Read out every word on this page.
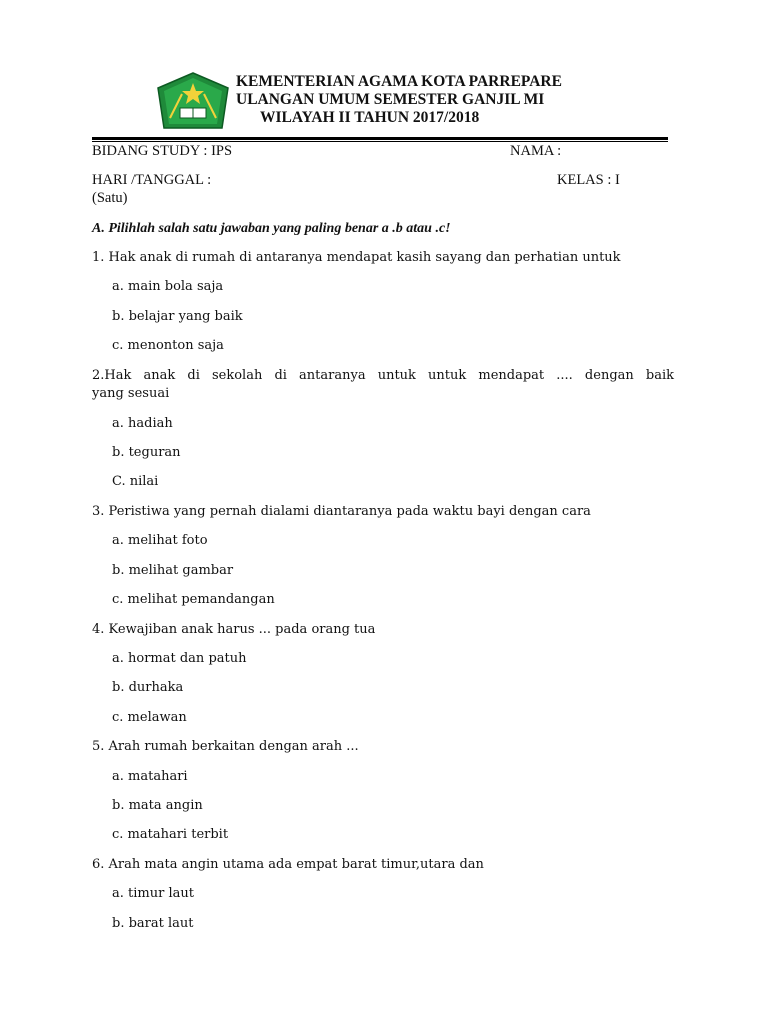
KEMENTERIAN AGAMA KOTA PARREPARE
ULANGAN UMUM SEMESTER GANJIL MI
WILAYAH II TAHUN 2017/2018
BIDANG STUDY : IPS	NAMA :
HARI /TANGGAL :	KELAS : I
(Satu)
A. Pilihlah salah satu jawaban yang paling benar a .b atau .c!
1. Hak anak di rumah di antaranya mendapat kasih sayang dan perhatian untuk
a. main bola saja
b. belajar yang baik
c. menonton saja
2.Hak anak di sekolah di antaranya untuk untuk mendapat .... dengan baik
yang sesuai
a. hadiah
b. teguran
C. nilai
3. Peristiwa yang pernah dialami diantaranya pada waktu bayi dengan cara
a. melihat foto
b. melihat gambar
c. melihat pemandangan
4. Kewajiban anak harus ... pada orang tua
a. hormat dan patuh
b. durhaka
c. melawan
5. Arah rumah berkaitan dengan arah ...
a. matahari
b. mata angin
c. matahari terbit
6. Arah mata angin utama ada empat barat timur,utara dan
a. timur laut
b. barat laut
